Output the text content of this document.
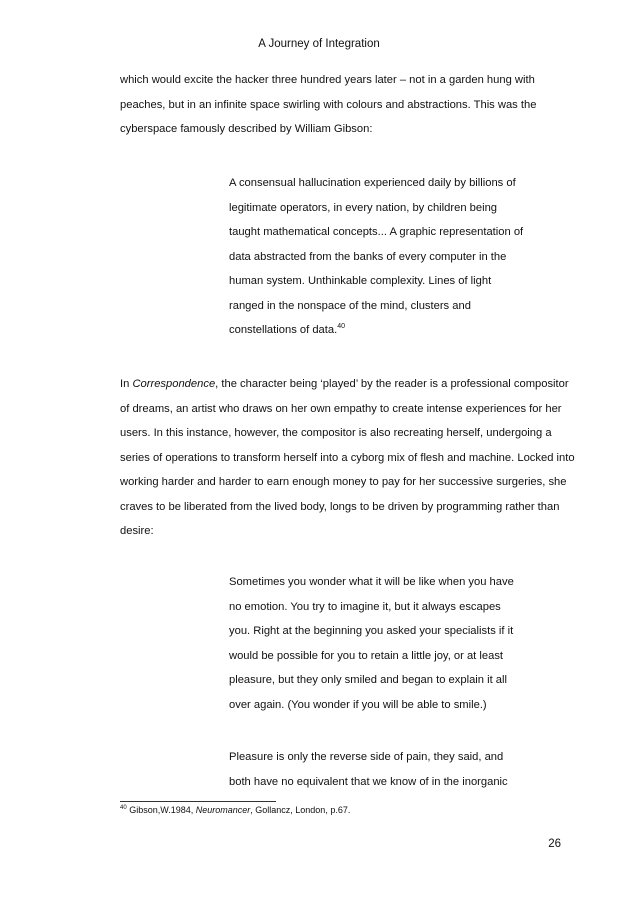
A Journey of Integration
which would excite the hacker three hundred years later – not in a garden hung with
peaches, but in an infinite space swirling with colours and abstractions. This was the
cyberspace famously described by William Gibson:
A consensual hallucination experienced daily by billions of
legitimate operators, in every nation, by children being
taught mathematical concepts... A graphic representation of
data abstracted from the banks of every computer in the
human system. Unthinkable complexity. Lines of light
ranged in the nonspace of the mind, clusters and
constellations of data.$^{40}$
In Correspondence, the character being ‘played’ by the reader is a professional compositor
of dreams, an artist who draws on her own empathy to create intense experiences for her
users. In this instance, however, the compositor is also recreating herself, undergoing a
series of operations to transform herself into a cyborg mix of flesh and machine. Locked into
working harder and harder to earn enough money to pay for her successive surgeries, she
craves to be liberated from the lived body, longs to be driven by programming rather than
desire:
Sometimes you wonder what it will be like when you have
no emotion. You try to imagine it, but it always escapes
you. Right at the beginning you asked your specialists if it
would be possible for you to retain a little joy, or at least
pleasure, but they only smiled and began to explain it all
over again. (You wonder if you will be able to smile.)
Pleasure is only the reverse side of pain, they said, and
both have no equivalent that we know of in the inorganic
$^{40}$ Gibson,W.1984, Neuromancer, Gollancz, London, p.67.
26
